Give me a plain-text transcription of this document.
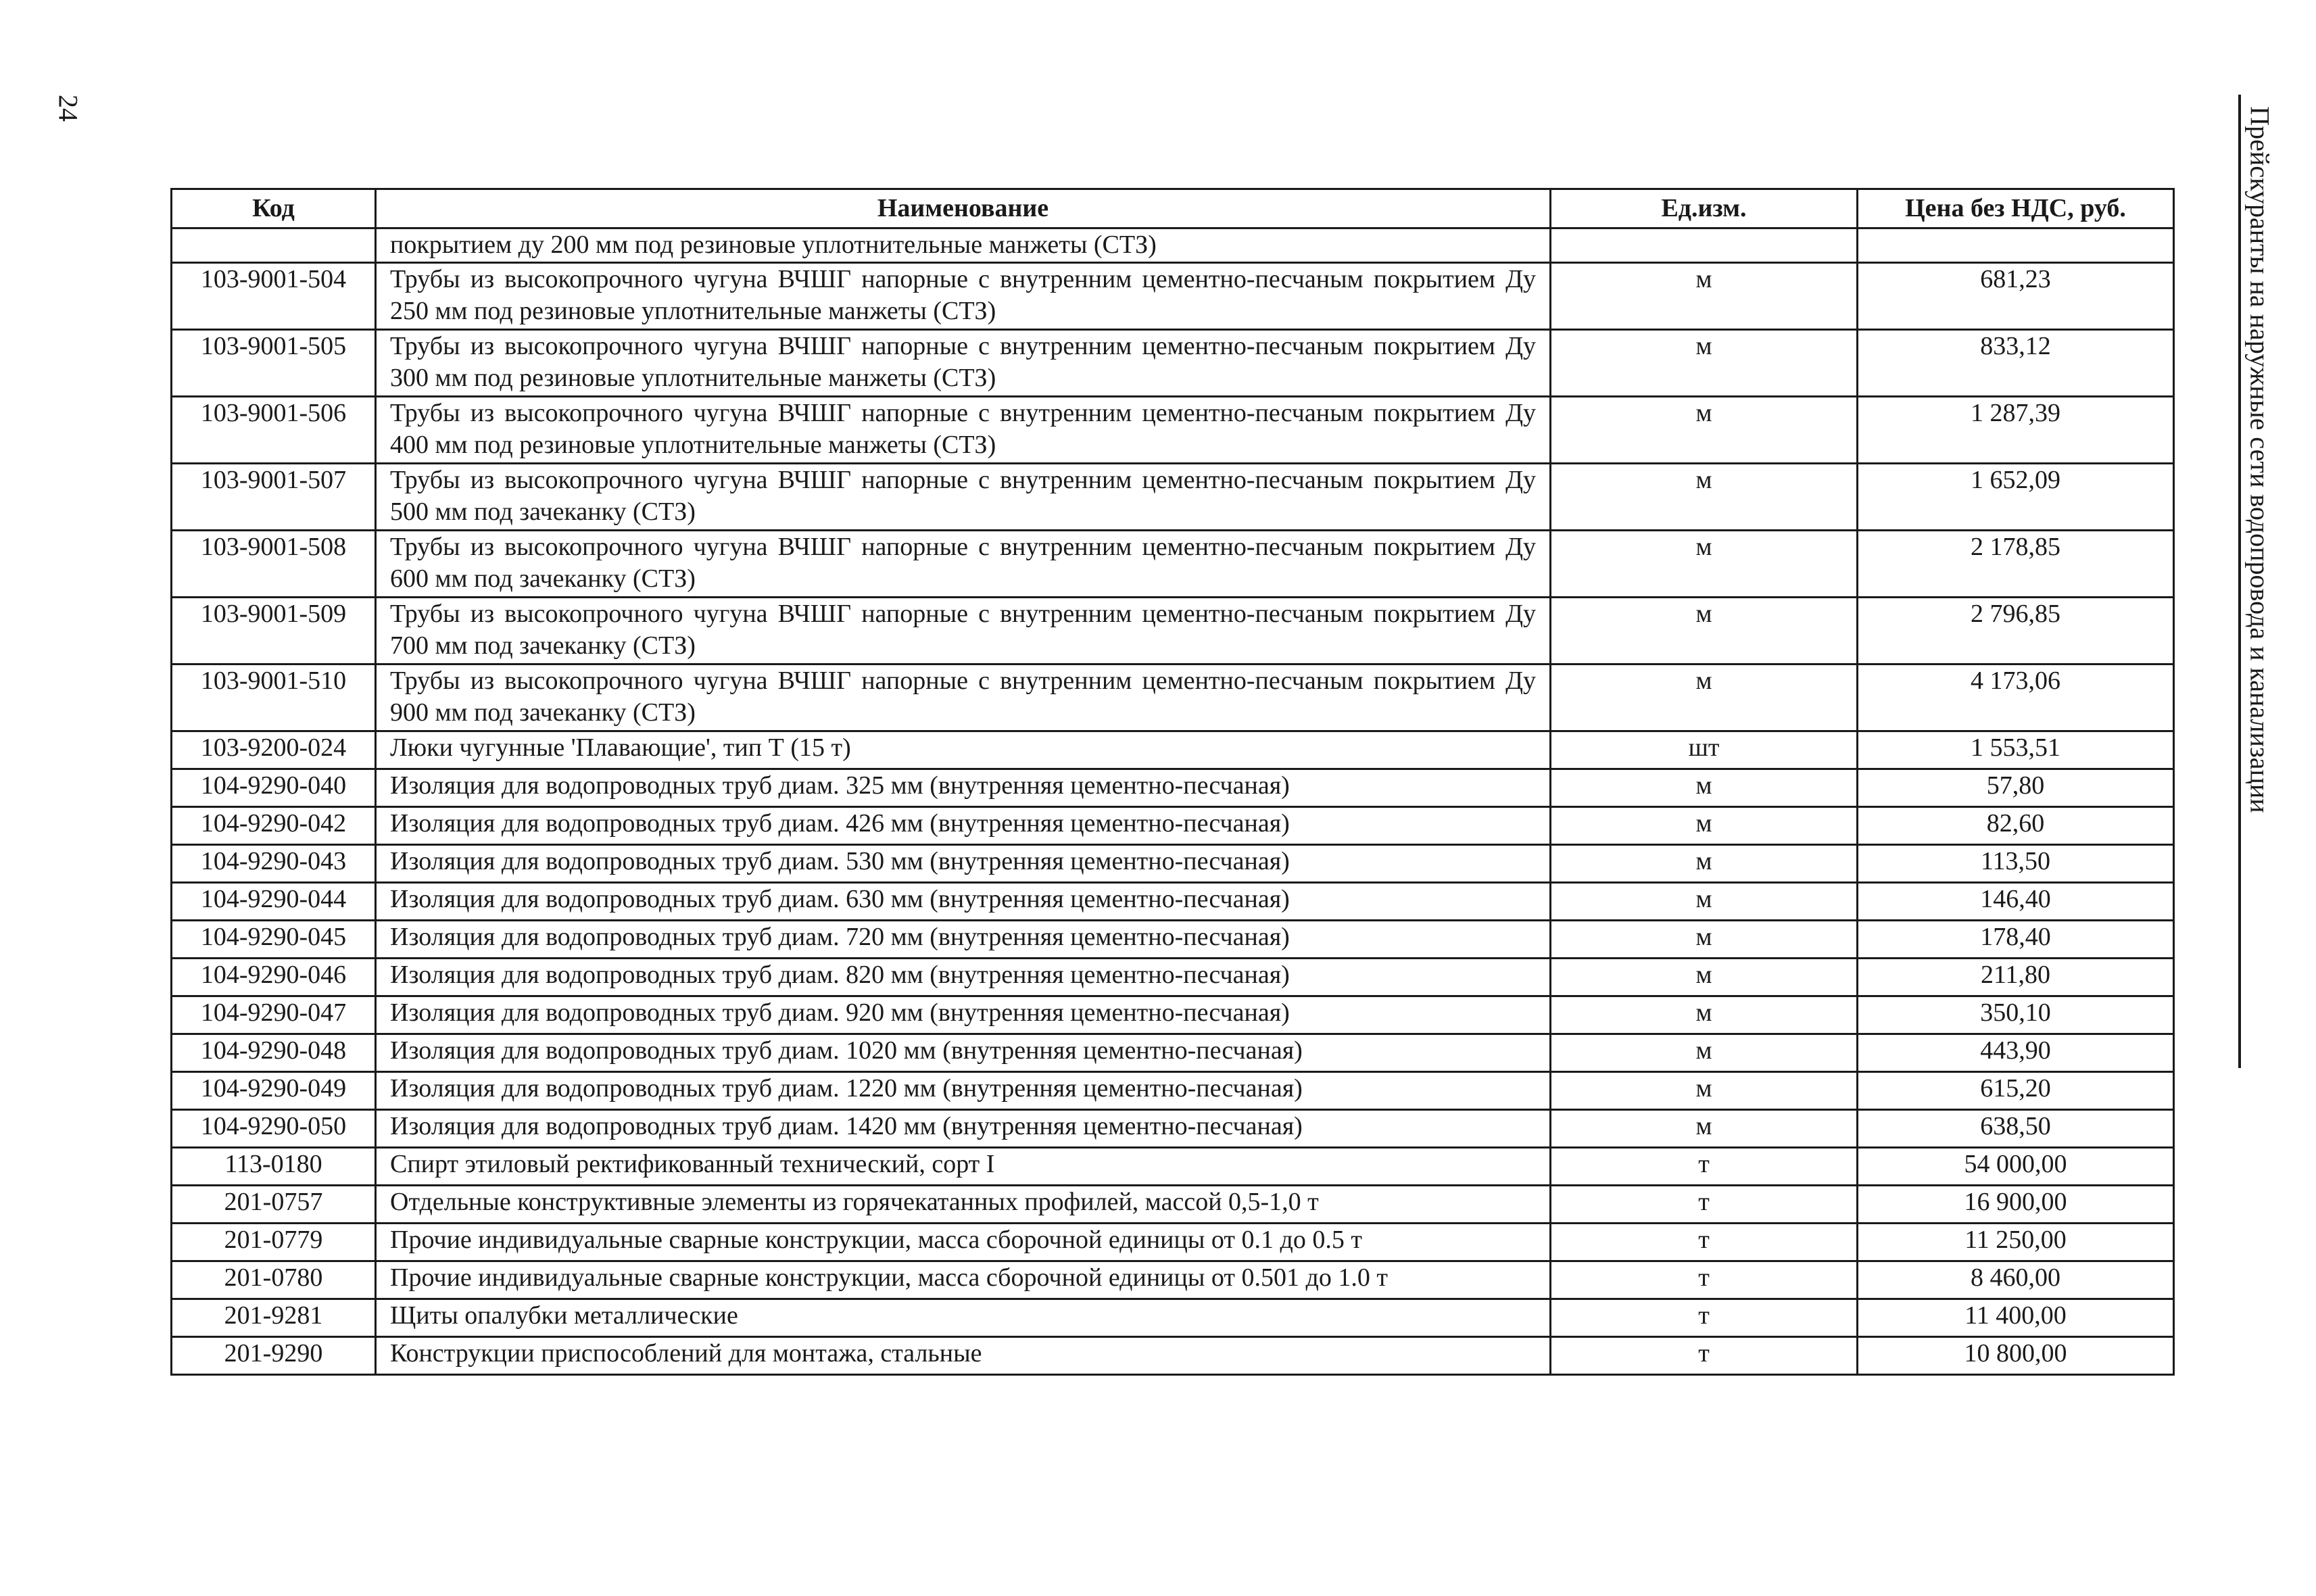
24	Прейскуранты на наружные сети водопровода и канализации
Код	Наименование	Ед.изм.	Цена без НДС, руб.
	покрытием ду 200 мм под резиновые уплотнительные манжеты (СТЗ)		
103-9001-504	Трубы из высокопрочного чугуна ВЧШГ напорные с внутренним цементно-песчаным покрытием Ду 250 мм под резиновые уплотнительные манжеты (СТЗ)	м	681,23
103-9001-505	Трубы из высокопрочного чугуна ВЧШГ напорные с внутренним цементно-песчаным покрытием Ду 300 мм под резиновые уплотнительные манжеты (СТЗ)	м	833,12
103-9001-506	Трубы из высокопрочного чугуна ВЧШГ напорные с внутренним цементно-песчаным покрытием Ду 400 мм под резиновые уплотнительные манжеты (СТЗ)	м	1 287,39
103-9001-507	Трубы из высокопрочного чугуна ВЧШГ напорные с внутренним цементно-песчаным покрытием Ду 500 мм под зачеканку (СТЗ)	м	1 652,09
103-9001-508	Трубы из высокопрочного чугуна ВЧШГ напорные с внутренним цементно-песчаным покрытием Ду 600 мм под зачеканку (СТЗ)	м	2 178,85
103-9001-509	Трубы из высокопрочного чугуна ВЧШГ напорные с внутренним цементно-песчаным покрытием Ду 700 мм под зачеканку (СТЗ)	м	2 796,85
103-9001-510	Трубы из высокопрочного чугуна ВЧШГ напорные с внутренним цементно-песчаным покрытием Ду 900 мм под зачеканку (СТЗ)	м	4 173,06
103-9200-024	Люки чугунные 'Плавающие', тип Т (15 т)	шт	1 553,51
104-9290-040	Изоляция для водопроводных труб диам. 325 мм (внутренняя цементно-песчаная)	м	57,80
104-9290-042	Изоляция для водопроводных труб диам. 426 мм (внутренняя цементно-песчаная)	м	82,60
104-9290-043	Изоляция для водопроводных труб диам. 530 мм (внутренняя цементно-песчаная)	м	113,50
104-9290-044	Изоляция для водопроводных труб диам. 630 мм (внутренняя цементно-песчаная)	м	146,40
104-9290-045	Изоляция для водопроводных труб диам. 720 мм (внутренняя цементно-песчаная)	м	178,40
104-9290-046	Изоляция для водопроводных труб диам. 820 мм (внутренняя цементно-песчаная)	м	211,80
104-9290-047	Изоляция для водопроводных труб диам. 920 мм (внутренняя цементно-песчаная)	м	350,10
104-9290-048	Изоляция для водопроводных труб диам. 1020 мм (внутренняя цементно-песчаная)	м	443,90
104-9290-049	Изоляция для водопроводных труб диам. 1220 мм (внутренняя цементно-песчаная)	м	615,20
104-9290-050	Изоляция для водопроводных труб диам. 1420 мм (внутренняя цементно-песчаная)	м	638,50
113-0180	Спирт этиловый ректификованный технический, сорт I	т	54 000,00
201-0757	Отдельные конструктивные элементы из горячекатанных профилей, массой 0,5-1,0 т	т	16 900,00
201-0779	Прочие индивидуальные сварные конструкции, масса сборочной единицы от 0.1 до 0.5 т	т	11 250,00
201-0780	Прочие индивидуальные сварные конструкции, масса сборочной единицы от 0.501 до 1.0 т	т	8 460,00
201-9281	Щиты опалубки металлические	т	11 400,00
201-9290	Конструкции приспособлений для монтажа, стальные	т	10 800,00
